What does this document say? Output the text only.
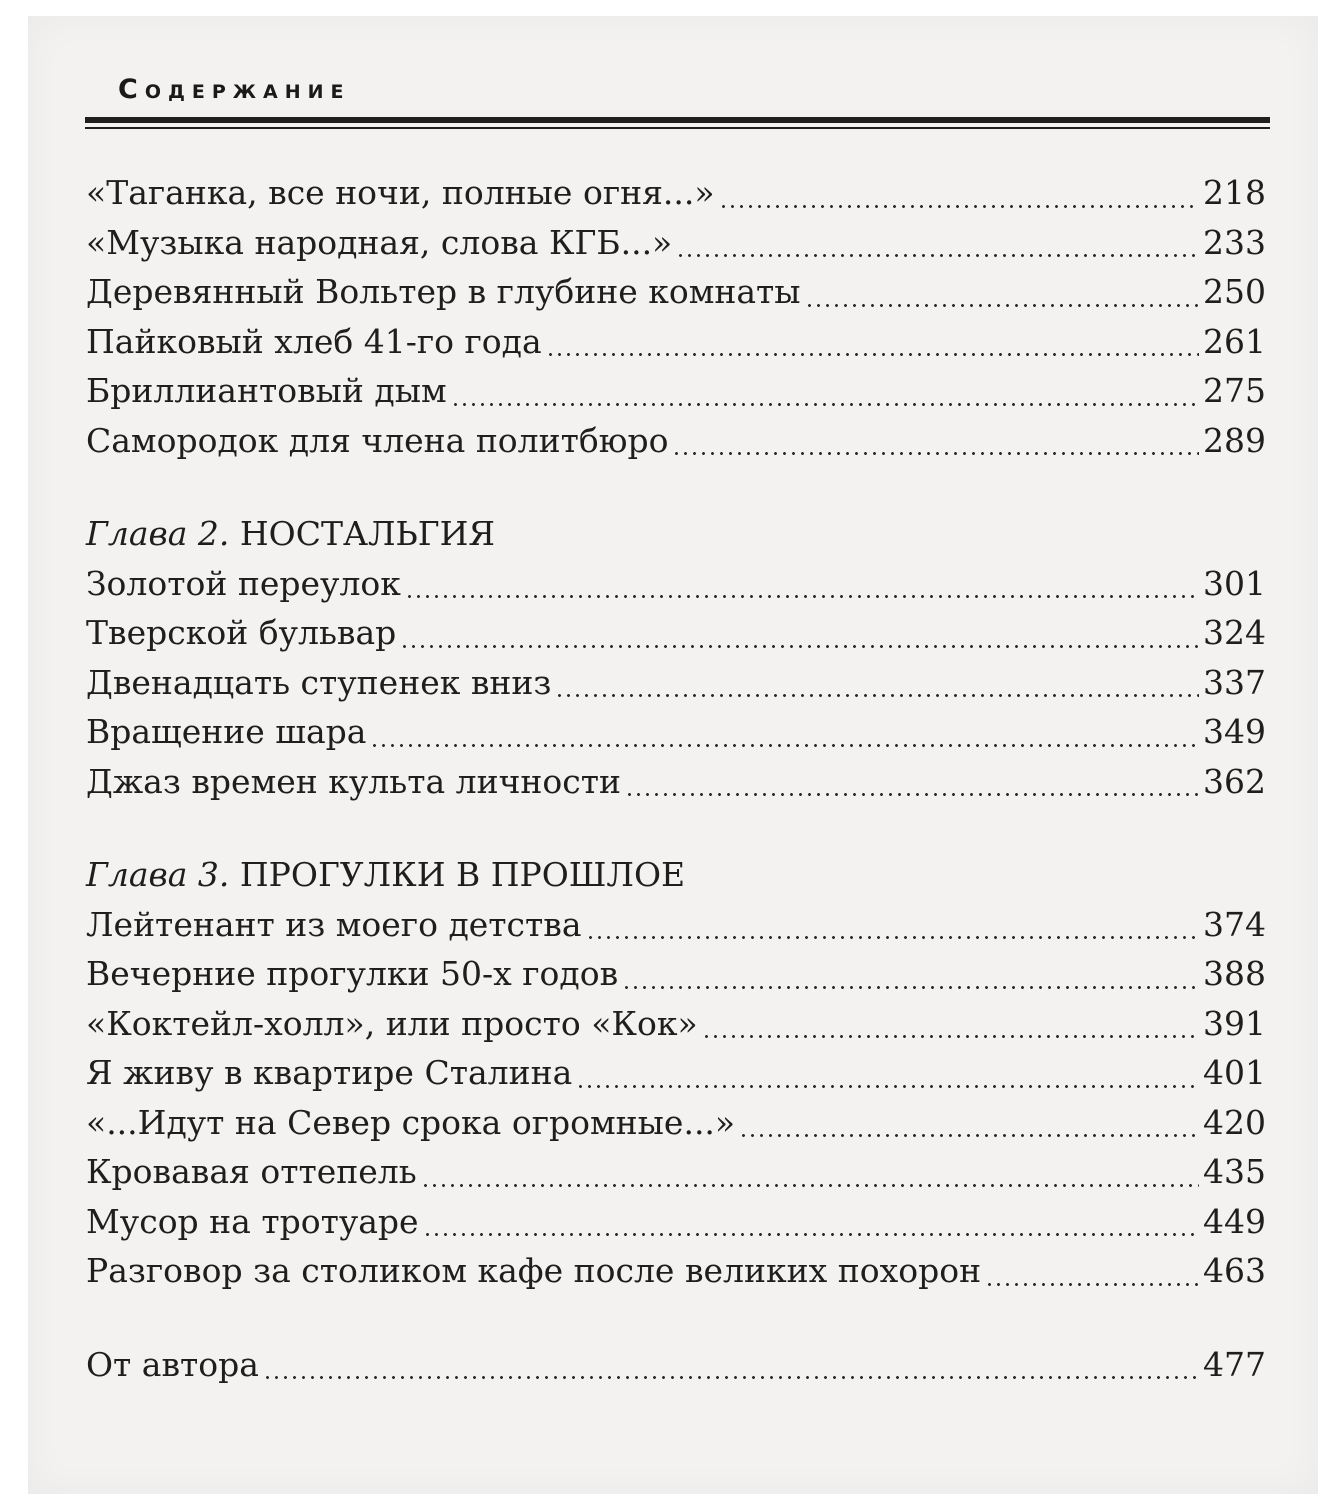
Содержание
«Таганка, все ночи, полные огня...»	218
«Музыка народная, слова КГБ...»	233
Деревянный Вольтер в глубине комнаты	250
Пайковый хлеб 41-го года	261
Бриллиантовый дым	275
Самородок для члена политбюро	289
Глава 2. НОСТАЛЬГИЯ
Золотой переулок	301
Тверской бульвар	324
Двенадцать ступенек вниз	337
Вращение шара	349
Джаз времен культа личности	362
Глава 3. ПРОГУЛКИ В ПРОШЛОЕ
Лейтенант из моего детства	374
Вечерние прогулки 50-х годов	388
«Коктейл-холл», или просто «Кок»	391
Я живу в квартире Сталина	401
«...Идут на Север срока огромные...»	420
Кровавая оттепель	435
Мусор на тротуаре	449
Разговор за столиком кафе после великих похорон	463
От автора	477
